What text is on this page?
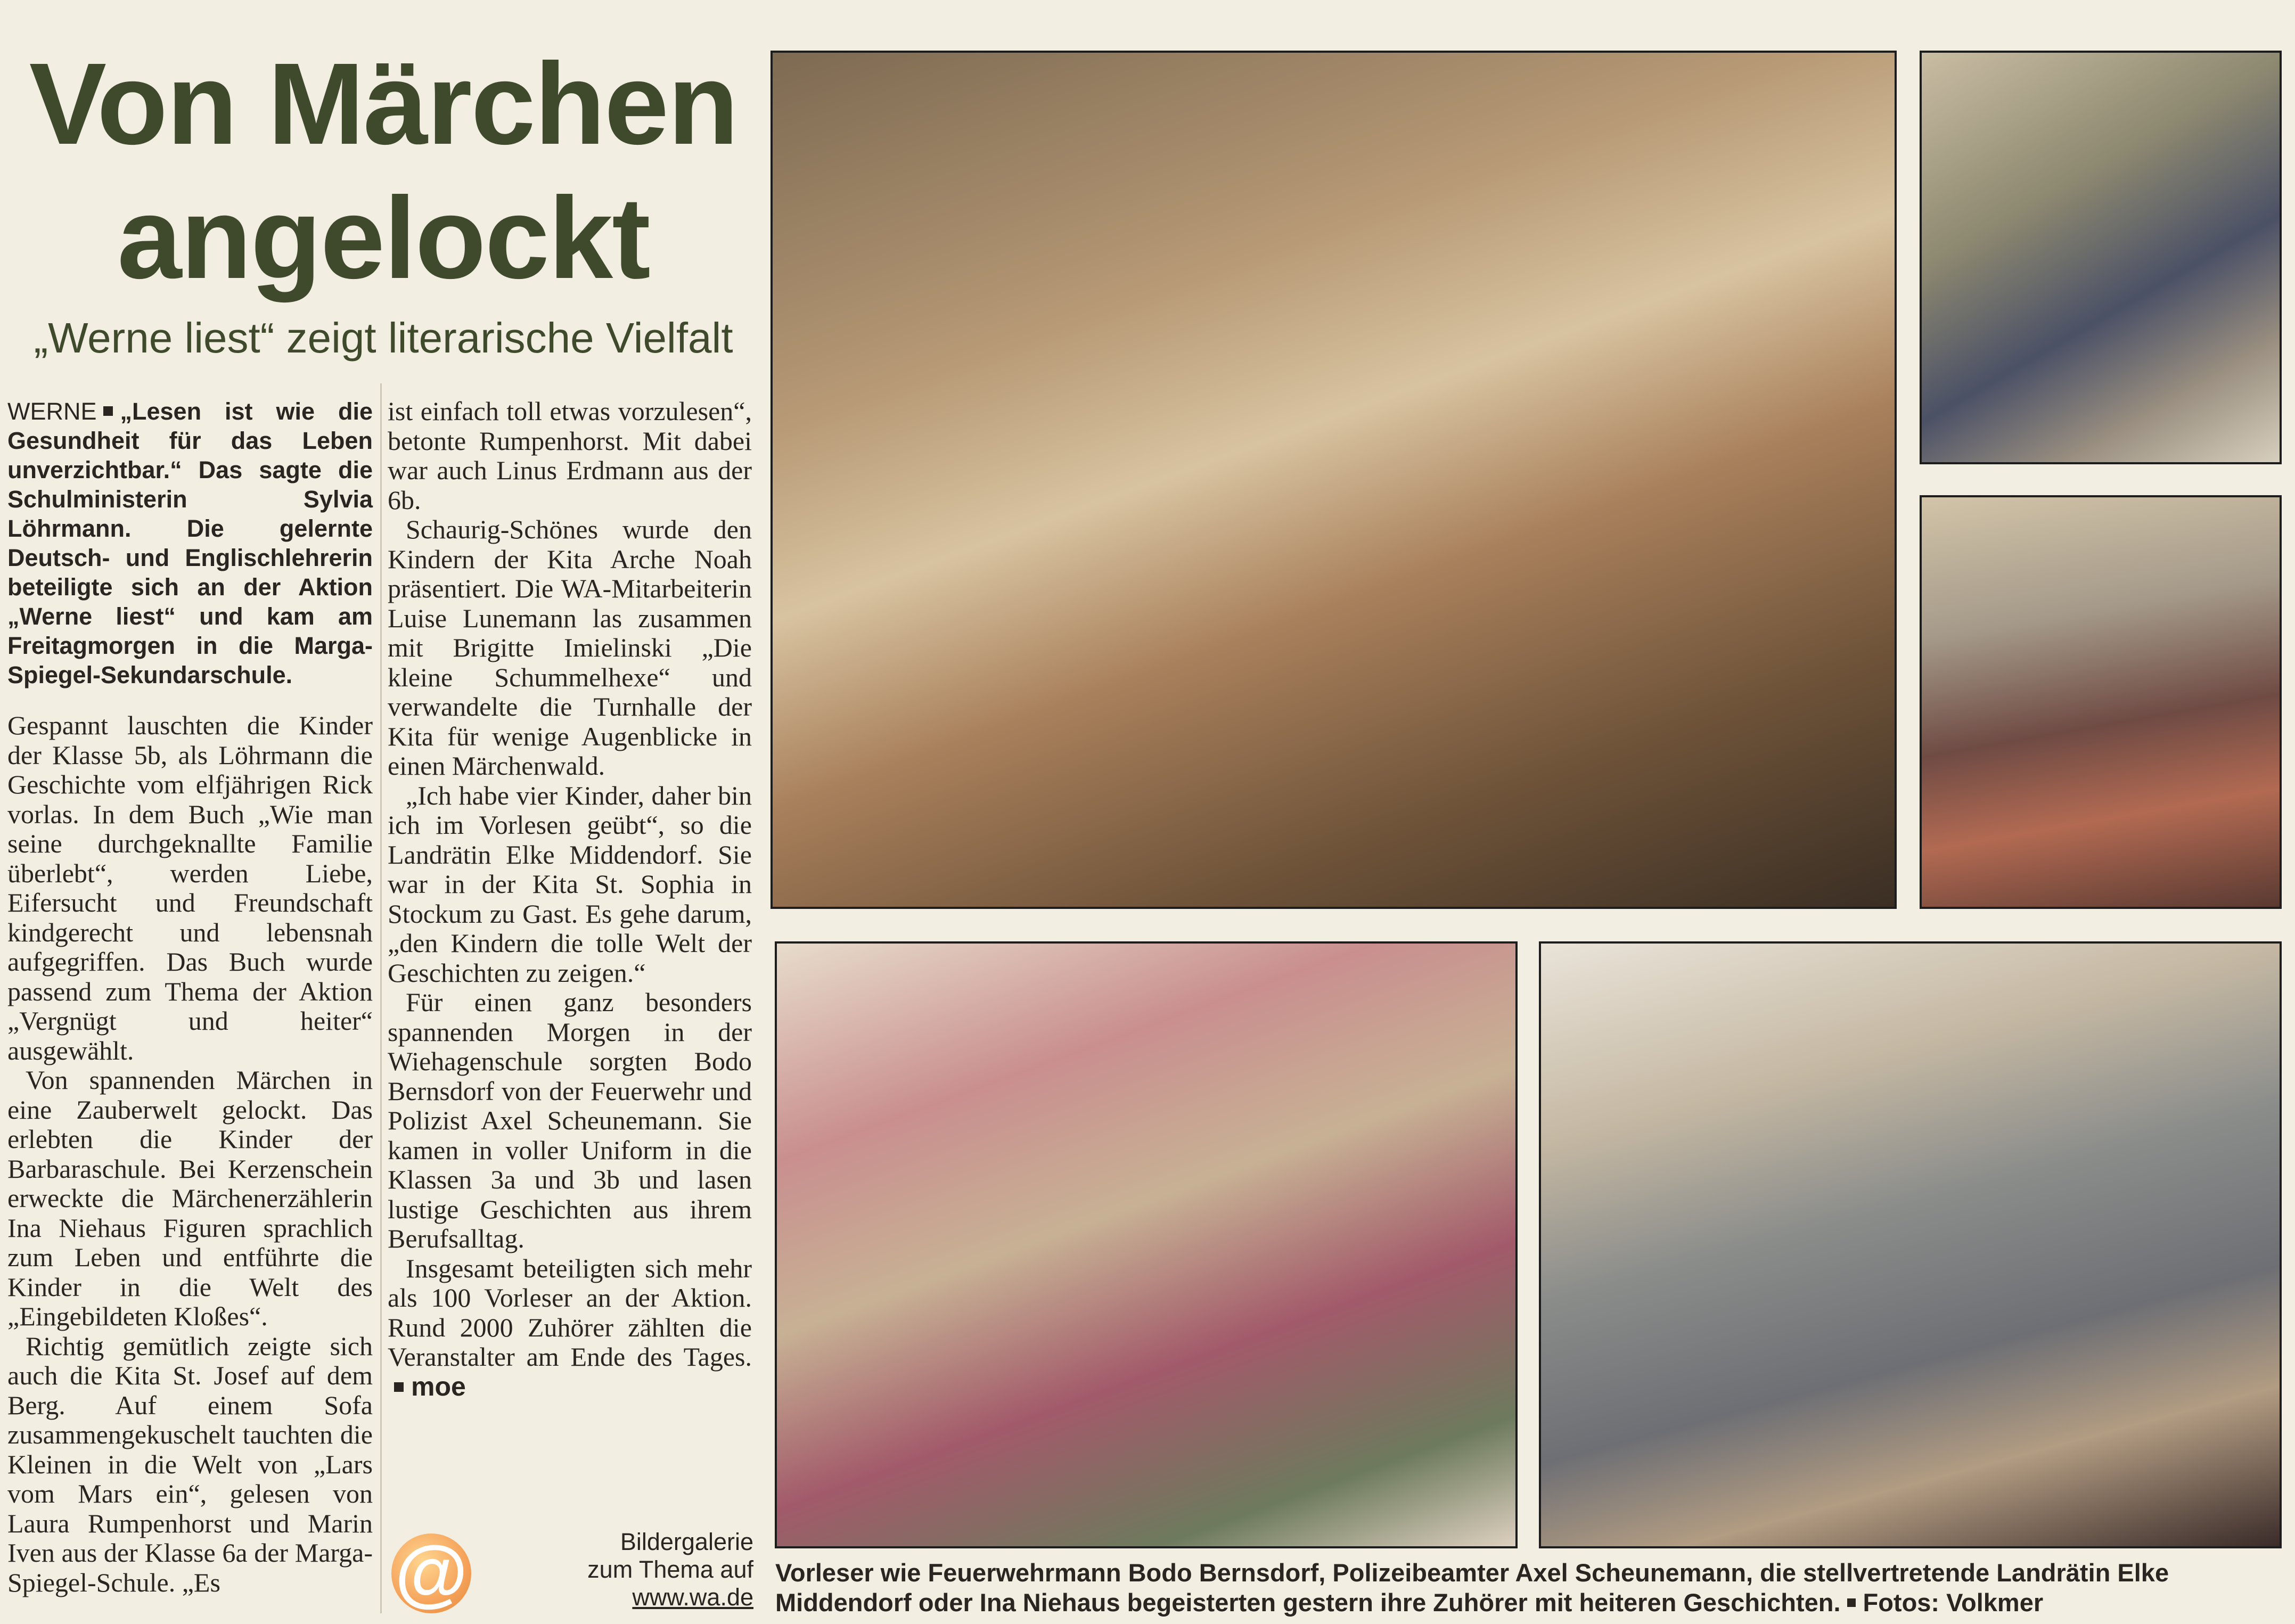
Von Märchen
angelockt
„Werne liest“ zeigt literarische Vielfalt

WERNE „Lesen ist wie die Gesundheit für das Leben unverzichtbar.“ Das sagte die Schulministerin Sylvia Löhrmann. Die gelernte Deutsch- und Englischlehrerin beteiligte sich an der Aktion „Werne liest“ und kam am Freitagmorgen in die Marga-Spiegel-Sekundarschule.

Gespannt lauschten die Kinder der Klasse 5b, als Löhrmann die Geschichte vom elfjährigen Rick vorlas. In dem Buch „Wie man seine durchgeknallte Familie überlebt“, werden Liebe, Eifersucht und Freundschaft kindgerecht und lebensnah aufgegriffen. Das Buch wurde passend zum Thema der Aktion „Vergnügt und heiter“ ausgewählt.

Von spannenden Märchen in eine Zauberwelt gelockt. Das erlebten die Kinder der Barbaraschule. Bei Kerzenschein erweckte die Märchenerzählerin Ina Niehaus Figuren sprachlich zum Leben und entführte die Kinder in die Welt des „Eingebildeten Kloßes“.

Richtig gemütlich zeigte sich auch die Kita St. Josef auf dem Berg. Auf einem Sofa zusammengekuschelt tauchten die Kleinen in die Welt von „Lars vom Mars ein“, gelesen von Laura Rumpenhorst und Marin Iven aus der Klasse 6a der Marga-Spiegel-Schule. „Es

ist einfach toll etwas vorzulesen“, betonte Rumpenhorst. Mit dabei war auch Linus Erdmann aus der 6b.

Schaurig-Schönes wurde den Kindern der Kita Arche Noah präsentiert. Die WA-Mitarbeiterin Luise Lunemann las zusammen mit Brigitte Imielinski „Die kleine Schummelhexe“ und verwandelte die Turnhalle der Kita für wenige Augenblicke in einen Märchenwald.

„Ich habe vier Kinder, daher bin ich im Vorlesen geübt“, so die Landrätin Elke Middendorf. Sie war in der Kita St. Sophia in Stockum zu Gast. Es gehe darum, „den Kindern die tolle Welt der Geschichten zu zeigen.“

Für einen ganz besonders spannenden Morgen in der Wiehagenschule sorgten Bodo Bernsdorf von der Feuerwehr und Polizist Axel Scheunemann. Sie kamen in voller Uniform in die Klassen 3a und 3b und lasen lustige Geschichten aus ihrem Berufsalltag.

Insgesamt beteiligten sich mehr als 100 Vorleser an der Aktion. Rund 2000 Zuhörer zählten die Veranstalter am Ende des Tages.moe

@	Bildergalerie
zum Thema auf
www.wa.de
Vorleser wie Feuerwehrmann Bodo Bernsdorf, Polizeibeamter Axel Scheunemann, die stellvertretende Landrätin Elke Middendorf oder Ina Niehaus begeisterten gestern ihre Zuhörer mit heiteren Geschichten. Fotos: Volkmer
